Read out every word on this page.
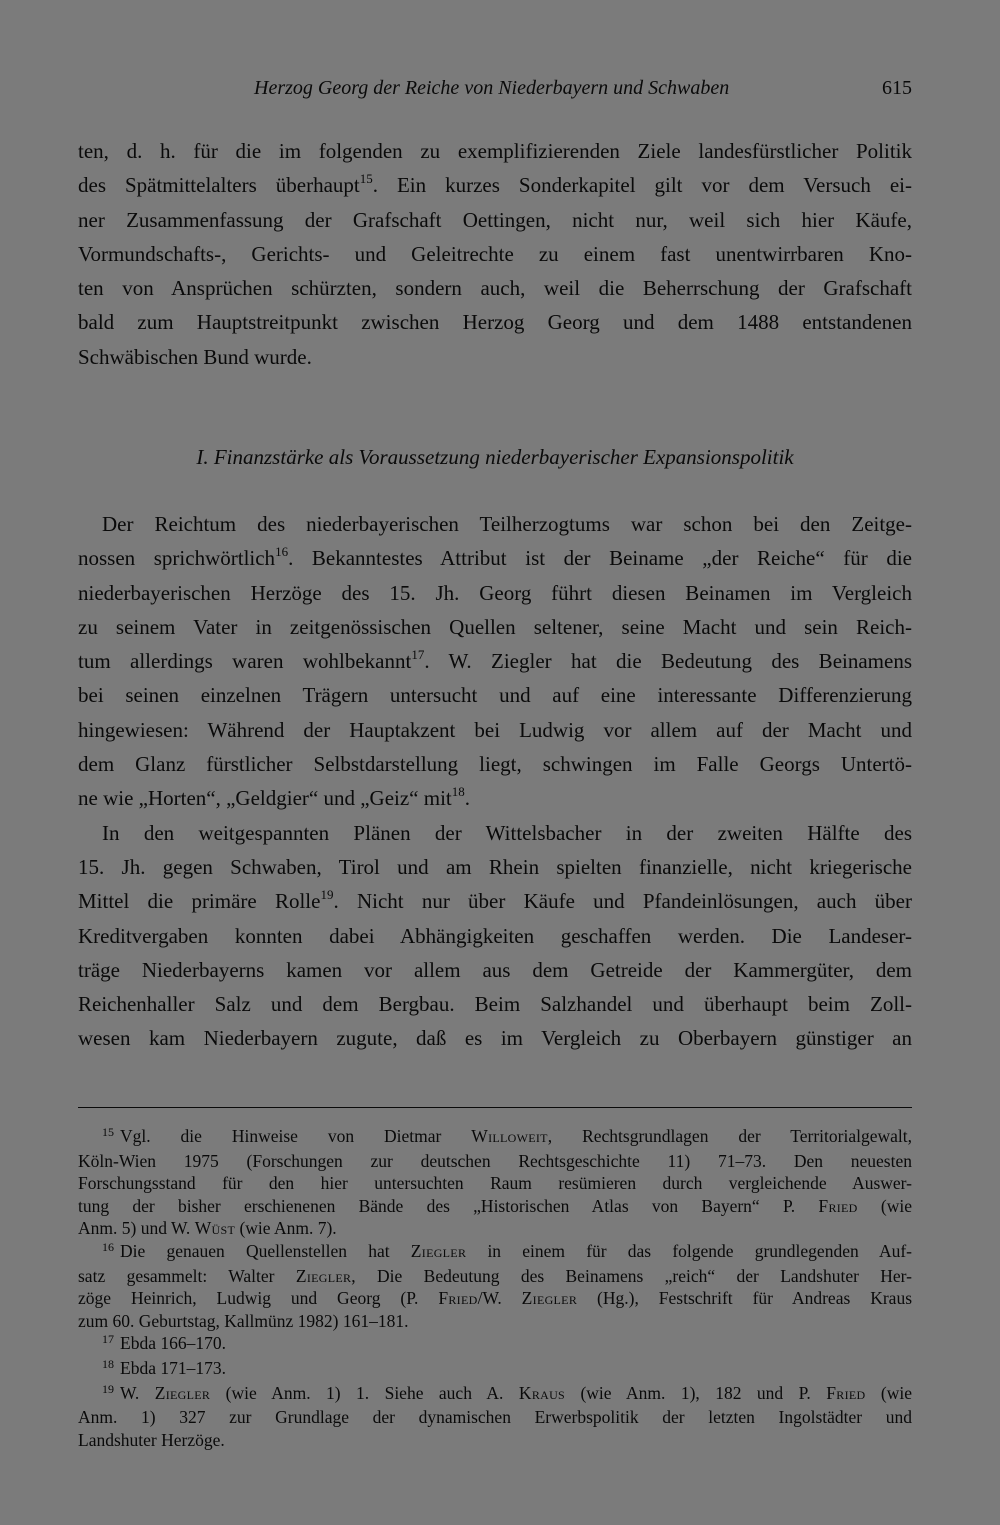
Herzog Georg der Reiche von Niederbayern und Schwaben	615
ten, d. h. für die im folgenden zu exemplifizierenden Ziele landesfürstlicher Politik
des Spätmittelalters überhaupt$^{15}$. Ein kurzes Sonderkapitel gilt vor dem Versuch ei-
ner Zusammenfassung der Grafschaft Oettingen, nicht nur, weil sich hier Käufe,
Vormundschafts-, Gerichts- und Geleitrechte zu einem fast unentwirrbaren Kno-
ten von Ansprüchen schürzten, sondern auch, weil die Beherrschung der Grafschaft
bald zum Hauptstreitpunkt zwischen Herzog Georg und dem 1488 entstandenen
Schwäbischen Bund wurde.
I. Finanzstärke als Voraussetzung niederbayerischer Expansionspolitik
Der Reichtum des niederbayerischen Teilherzogtums war schon bei den Zeitge-
nossen sprichwörtlich$^{16}$. Bekanntestes Attribut ist der Beiname „der Reiche“ für die
niederbayerischen Herzöge des 15. Jh. Georg führt diesen Beinamen im Vergleich
zu seinem Vater in zeitgenössischen Quellen seltener, seine Macht und sein Reich-
tum allerdings waren wohlbekannt$^{17}$. W. Ziegler hat die Bedeutung des Beinamens
bei seinen einzelnen Trägern untersucht und auf eine interessante Differenzierung
hingewiesen: Während der Hauptakzent bei Ludwig vor allem auf der Macht und
dem Glanz fürstlicher Selbstdarstellung liegt, schwingen im Falle Georgs Untertö-
ne wie „Horten“, „Geldgier“ und „Geiz“ mit$^{18}$.
In den weitgespannten Plänen der Wittelsbacher in der zweiten Hälfte des
15. Jh. gegen Schwaben, Tirol und am Rhein spielten finanzielle, nicht kriegerische
Mittel die primäre Rolle$^{19}$. Nicht nur über Käufe und Pfandeinlösungen, auch über
Kreditvergaben konnten dabei Abhängigkeiten geschaffen werden. Die Landeser-
träge Niederbayerns kamen vor allem aus dem Getreide der Kammergüter, dem
Reichenhaller Salz und dem Bergbau. Beim Salzhandel und überhaupt beim Zoll-
wesen kam Niederbayern zugute, daß es im Vergleich zu Oberbayern günstiger an
$^{15}$ Vgl. die Hinweise von Dietmar Willoweit, Rechtsgrundlagen der Territorialgewalt,
Köln-Wien 1975 (Forschungen zur deutschen Rechtsgeschichte 11) 71–73. Den neuesten
Forschungsstand für den hier untersuchten Raum resümieren durch vergleichende Auswer-
tung der bisher erschienenen Bände des „Historischen Atlas von Bayern“ P. Fried (wie
Anm. 5) und W. Wüst (wie Anm. 7).
$^{16}$ Die genauen Quellenstellen hat Ziegler in einem für das folgende grundlegenden Auf-
satz gesammelt: Walter Ziegler, Die Bedeutung des Beinamens „reich“ der Landshuter Her-
zöge Heinrich, Ludwig und Georg (P. Fried/W. Ziegler (Hg.), Festschrift für Andreas Kraus
zum 60. Geburtstag, Kallmünz 1982) 161–181.
$^{17}$ Ebda 166–170.
$^{18}$ Ebda 171–173.
$^{19}$ W. Ziegler (wie Anm. 1) 1. Siehe auch A. Kraus (wie Anm. 1), 182 und P. Fried (wie
Anm. 1) 327 zur Grundlage der dynamischen Erwerbspolitik der letzten Ingolstädter und
Landshuter Herzöge.
